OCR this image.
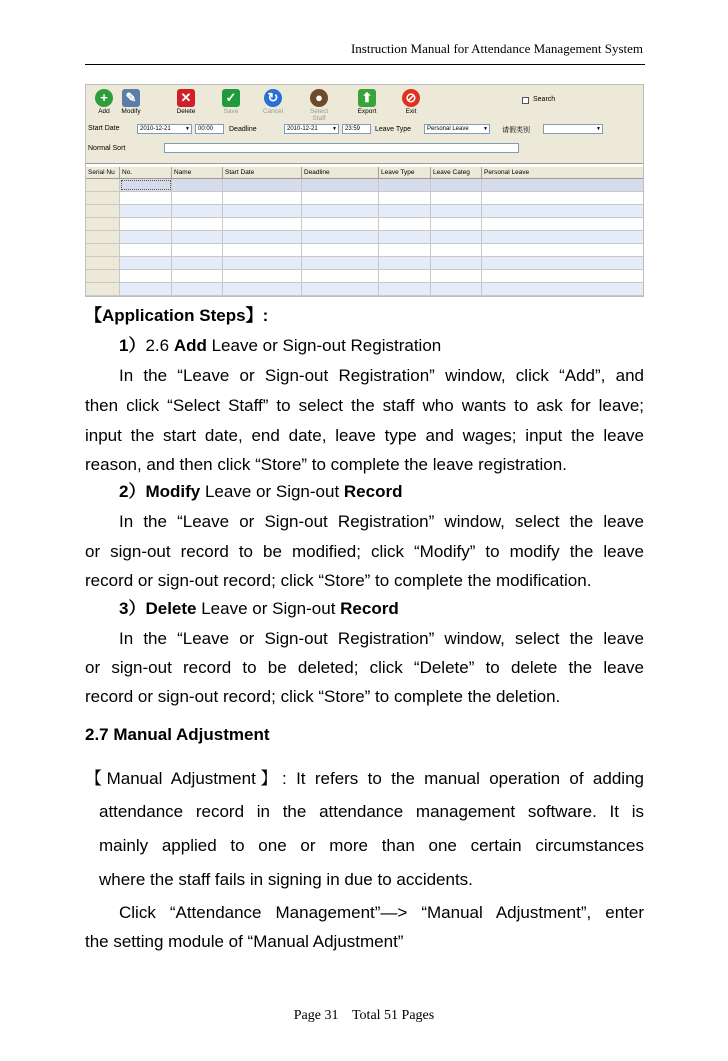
Instruction Manual for Attendance Management System
+
Add
✎
Modify
✕
Delete
✓
Save
↻
Cancel
●
Select Staff
⬆
Export
⊘
Exit
Search
Start Date	2010-12-21	▼	00:00	Deadline	2010-12-21	▼	23:59	Leave Type	Personal Leave	▼ 请假类别	▼
Normal Sort
Serial Nu	No.	Name	Start Date	Deadline	Leave Type	Leave Categ	Personal Leave

【Application Steps】:

1）2.6 Add Leave or Sign-out Registration

In the “Leave or Sign-out Registration” window, click “Add”, and

then click “Select Staff” to select the staff who wants to ask for leave;

input the start date, end date, leave type and wages; input the leave

reason, and then click “Store” to complete the leave registration.

2）Modify Leave or Sign-out Record

In the “Leave or Sign-out Registration” window, select the leave

or sign-out record to be modified; click “Modify” to modify the leave

record or sign-out record; click “Store” to complete the modification.

3）Delete Leave or Sign-out Record

In the “Leave or Sign-out Registration” window, select the leave

or sign-out record to be deleted; click “Delete” to delete the leave

record or sign-out record; click “Store” to complete the deletion.

2.7 Manual Adjustment

【Manual Adjustment】: It refers to the manual operation of adding

attendance record in the attendance management software. It is

mainly applied to one or more than one certain circumstances

where the staff fails in signing in due to accidents.

Click “Attendance Management”—> “Manual Adjustment”, enter

the setting module of “Manual Adjustment”

Page 31 Total 51 Pages
